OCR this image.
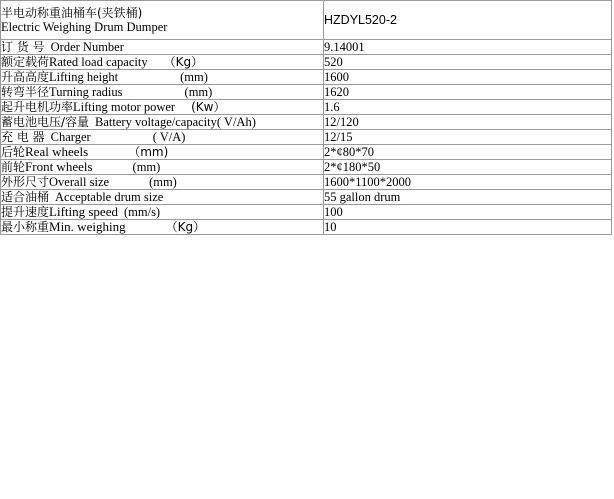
半电动称重油桶车(夹铁桶)
Electric Weighing Drum Dumper	HZDYL520-2

订 货 号 Order Number	9.14001

额定载荷Rated load capacity （Kg）	520

升高高度Lifting height (mm)	1600

转弯半径Turning radius (mm)	1620

起升电机功率Lifting motor power (Kw）	1.6

蓄电池电压/容量 Battery voltage/capacity( V/Ah)	12/120

充 电 器 Charger ( V/A)	12/15

后轮Real wheels （mm)	2*¢80*70

前轮Front wheels (mm)	2*¢180*50

外形尺寸Overall size (mm)	1600*1100*2000

适合油桶 Acceptable drum size	55 gallon drum

提升速度Lifting speed (mm/s)	100

最小称重Min. weighing （Kg）	10
